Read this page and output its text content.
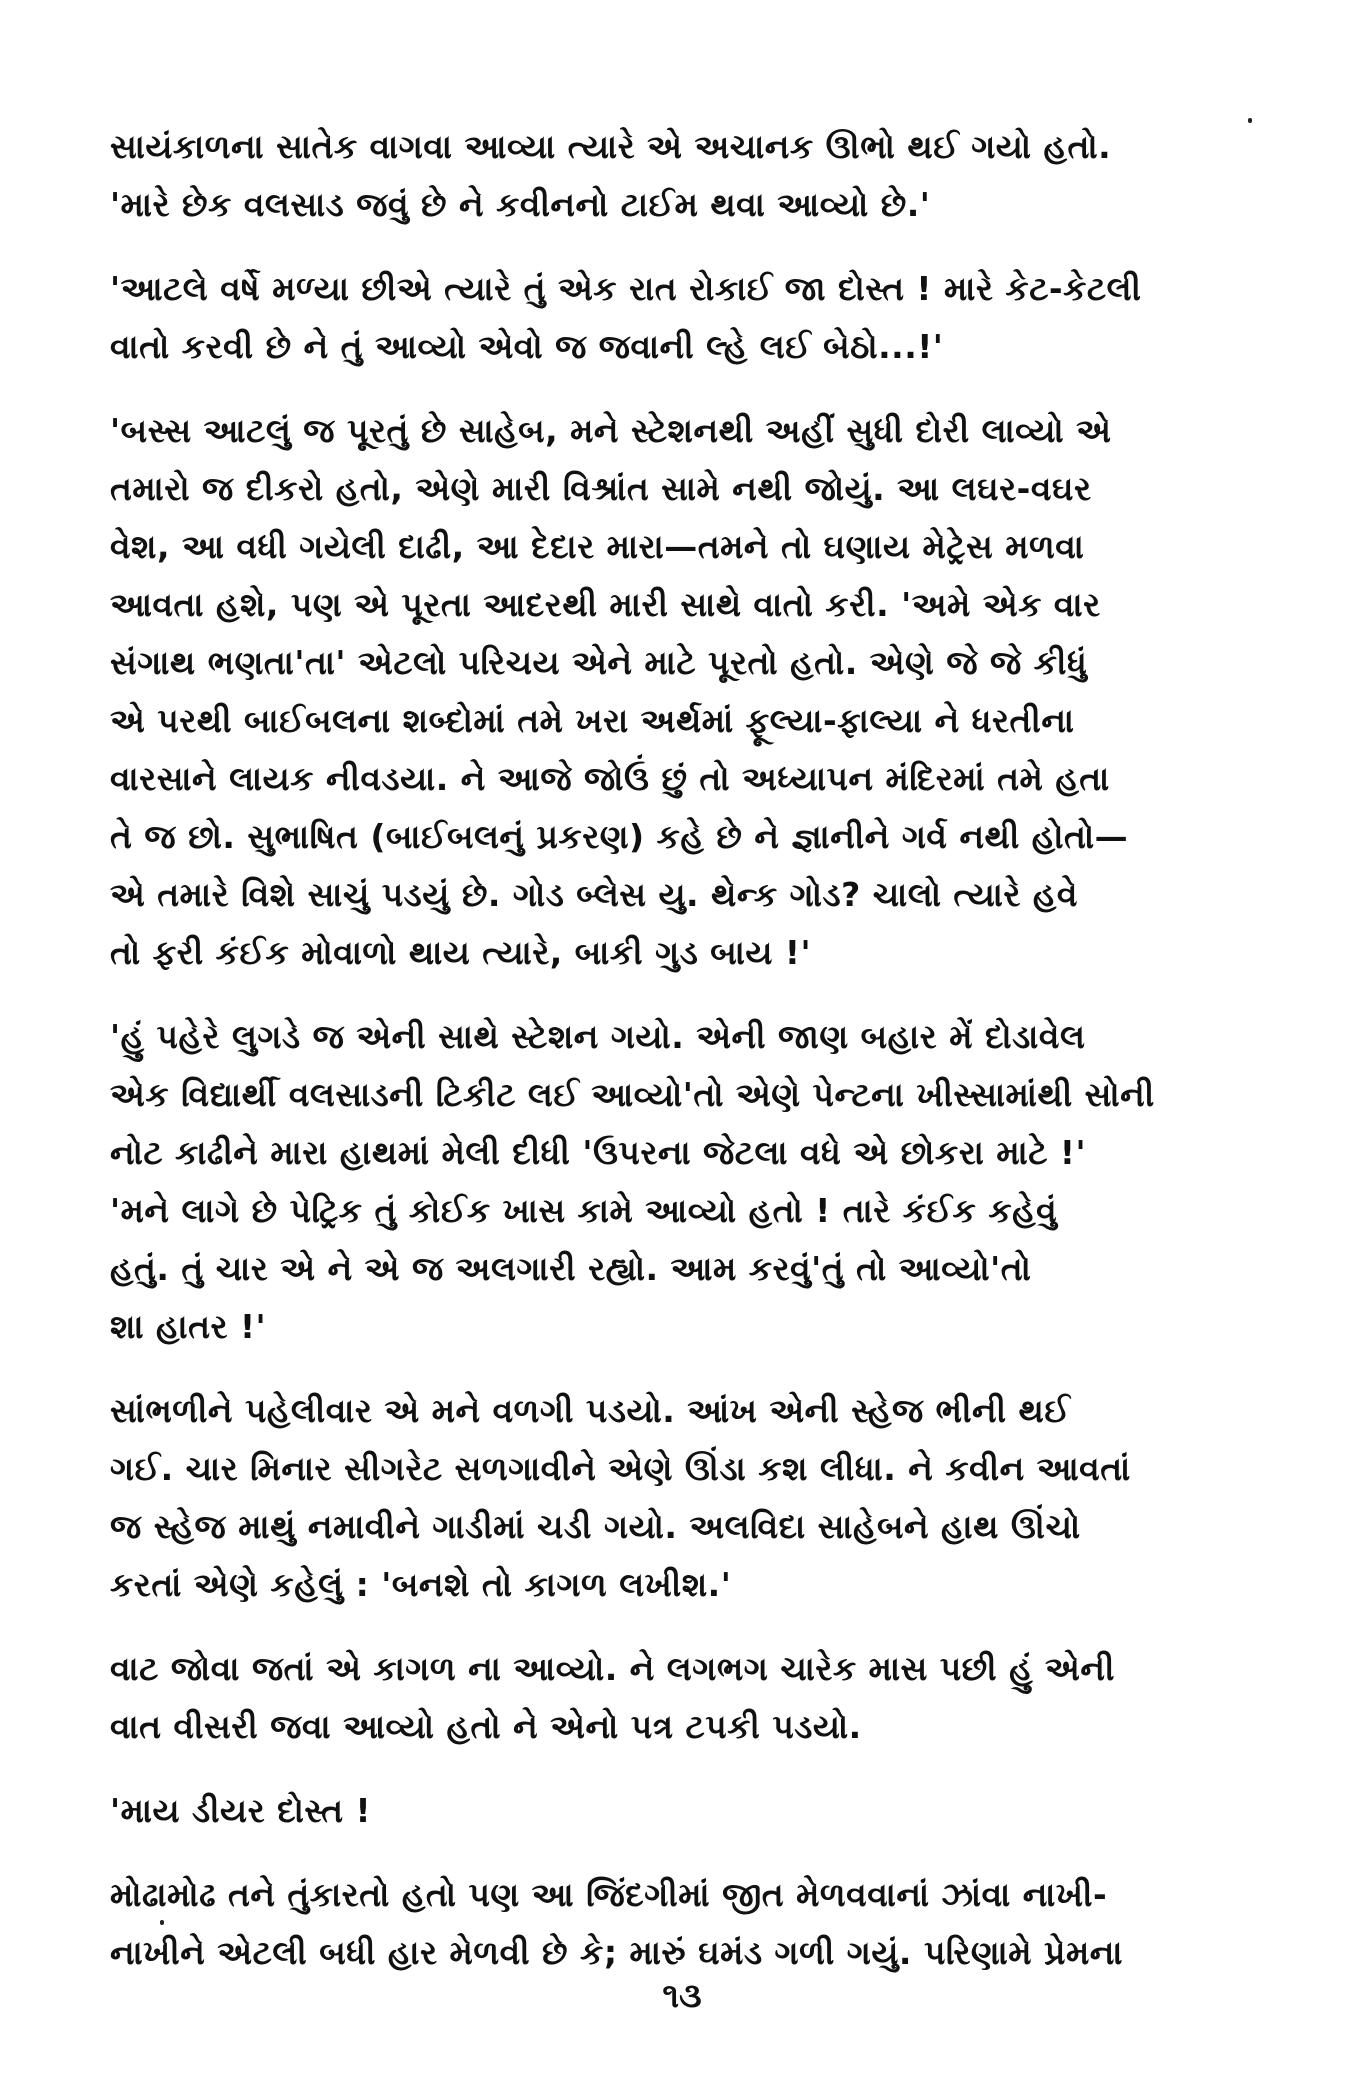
સાયંકાળના સાતેક વાગવા આવ્યા ત્યારે એ અચાનક ઊભો થઈ ગયો હતો.
'મારે છેક વલસાડ જવું છે ને કવીનનો ટાઈમ થવા આવ્યો છે.'
'આટલે વર્ષે મળ્યા છીએ ત્યારે તું એક રાત રોકાઈ જા દોસ્ત ! મારે કેટ-કેટલી
વાતો કરવી છે ને તું આવ્યો એવો જ જવાની લ્હે લઈ બેઠો...!'
'બસ્સ આટલું જ પૂરતું છે સાહેબ, મને સ્ટેશનથી અહીં સુધી દોરી લાવ્યો એ
તમારો જ દીકરો હતો, એણે મારી વિશ્રાંત સામે નથી જોયું. આ લઘર-વઘર
વેશ, આ વધી ગયેલી દાઢી, આ દેદાર મારા—તમને તો ઘણાય મેટ્રેસ મળવા
આવતા હશે, પણ એ પૂરતા આદરથી મારી સાથે વાતો કરી. 'અમે એક વાર
સંગાથ ભણતા'તા' એટલો પરિચય એને માટે પૂરતો હતો. એણે જે જે કીધું
એ પરથી બાઈબલના શબ્દોમાં તમે ખરા અર્થમાં ફૂલ્યા-ફાલ્યા ને ધરતીના
વારસાને લાયક નીવડયા. ને આજે જોઉં છું તો અધ્યાપન મંદિરમાં તમે હતા
તે જ છો. સુભાષિત (બાઈબલનું પ્રકરણ) કહે છે ને જ્ઞાનીને ગર્વ નથી હોતો—
એ તમારે વિશે સાચું પડયું છે. ગોડ બ્લેસ યુ. થેન્ક ગોડ? ચાલો ત્યારે હવે
તો ફરી કંઈક મોવાળો થાય ત્યારે, બાકી ગુડ બાય !'
'હું પહેરે લુગડે જ એની સાથે સ્ટેશન ગયો. એની જાણ બહાર મેં દોડાવેલ
એક વિદ્યાર્થી વલસાડની ટિકીટ લઈ આવ્યો'તો એણે પેન્ટના ખીસ્સામાંથી સોની
નોટ કાઢીને મારા હાથમાં મેલી દીધી 'ઉપરના જેટલા વધે એ છોકરા માટે !'
'મને લાગે છે પેટ્રિક તું કોઈક ખાસ કામે આવ્યો હતો ! તારે કંઈક કહેવું
હતું. તું ચાર એ ને એ જ અલગારી રહ્યો. આમ કરવું'તું તો આવ્યો'તો
શા હાતર !'
સાંભળીને પહેલીવાર એ મને વળગી પડયો. આંખ એની સ્હેજ ભીની થઈ
ગઈ. ચાર મિનાર સીગરેટ સળગાવીને એણે ઊંડા કશ લીધા. ને કવીન આવતાં
જ સ્હેજ માથું નમાવીને ગાડીમાં ચડી ગયો. અલવિદા સાહેબને હાથ ઊંચો
કરતાં એણે કહેલું : 'બનશે તો કાગળ લખીશ.'
વાટ જોવા જતાં એ કાગળ ના આવ્યો. ને લગભગ ચારેક માસ પછી હું એની
વાત વીસરી જવા આવ્યો હતો ને એનો પત્ર ટપકી પડયો.
'માય ડીયર દોસ્ત !
મોઢામોઢ તને તુંકારતો હતો પણ આ જિંદગીમાં જીત મેળવવાનાં ઝાંવા નાખી-
નાખીને એટલી બધી હાર મેળવી છે કે; મારું ઘમંડ ગળી ગયું. પરિણામે પ્રેમના
૧૩
